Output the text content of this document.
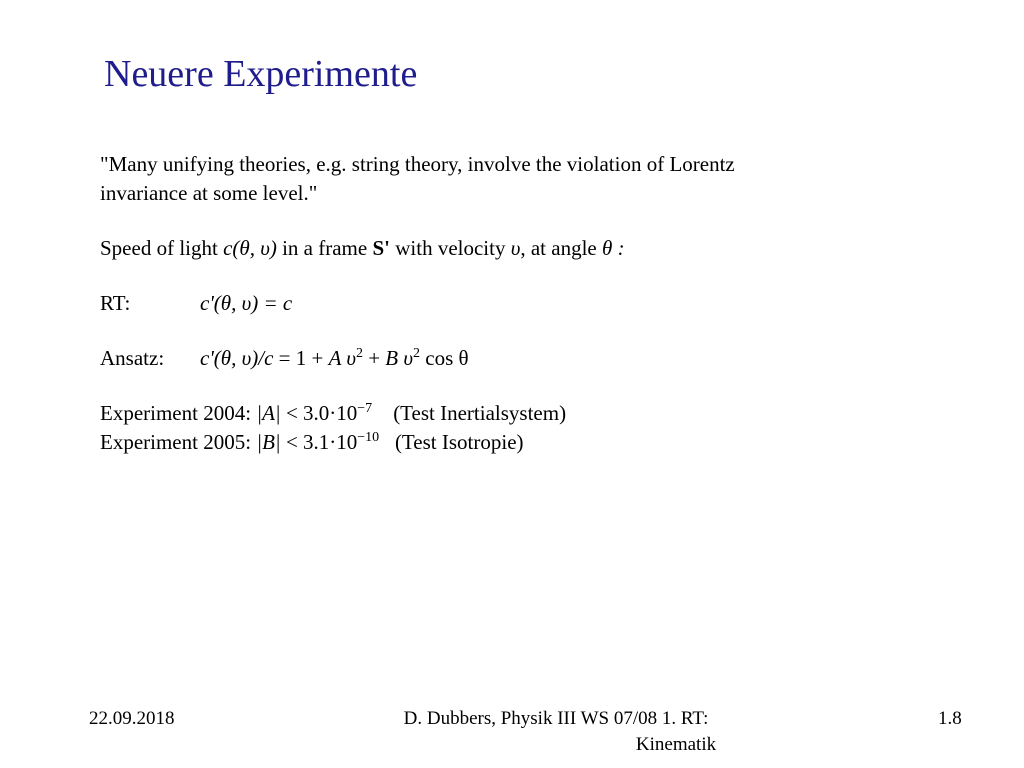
Neuere Experimente
"Many unifying theories, e.g. string theory, involve the violation of Lorentz
invariance at some level."
Speed of light c(θ, υ) in a frame S' with velocity υ, at angle θ :
RT:	c'(θ, υ) = c
Ansatz: c'(θ, υ)/c = 1 + A $\upsilon^2 + B$ $\upsilon^2$ cos θ
Experiment 2004: $|A| < 3.0\cdot 10^{-7}$ (Test Inertialsystem)
Experiment 2005: $|B| < 3.1\cdot 10^{-10}$ (Test Isotropie)
22.09.2018	D. Dubbers, Physik III WS 07/08 1. RT:
Kinematik
1.8
